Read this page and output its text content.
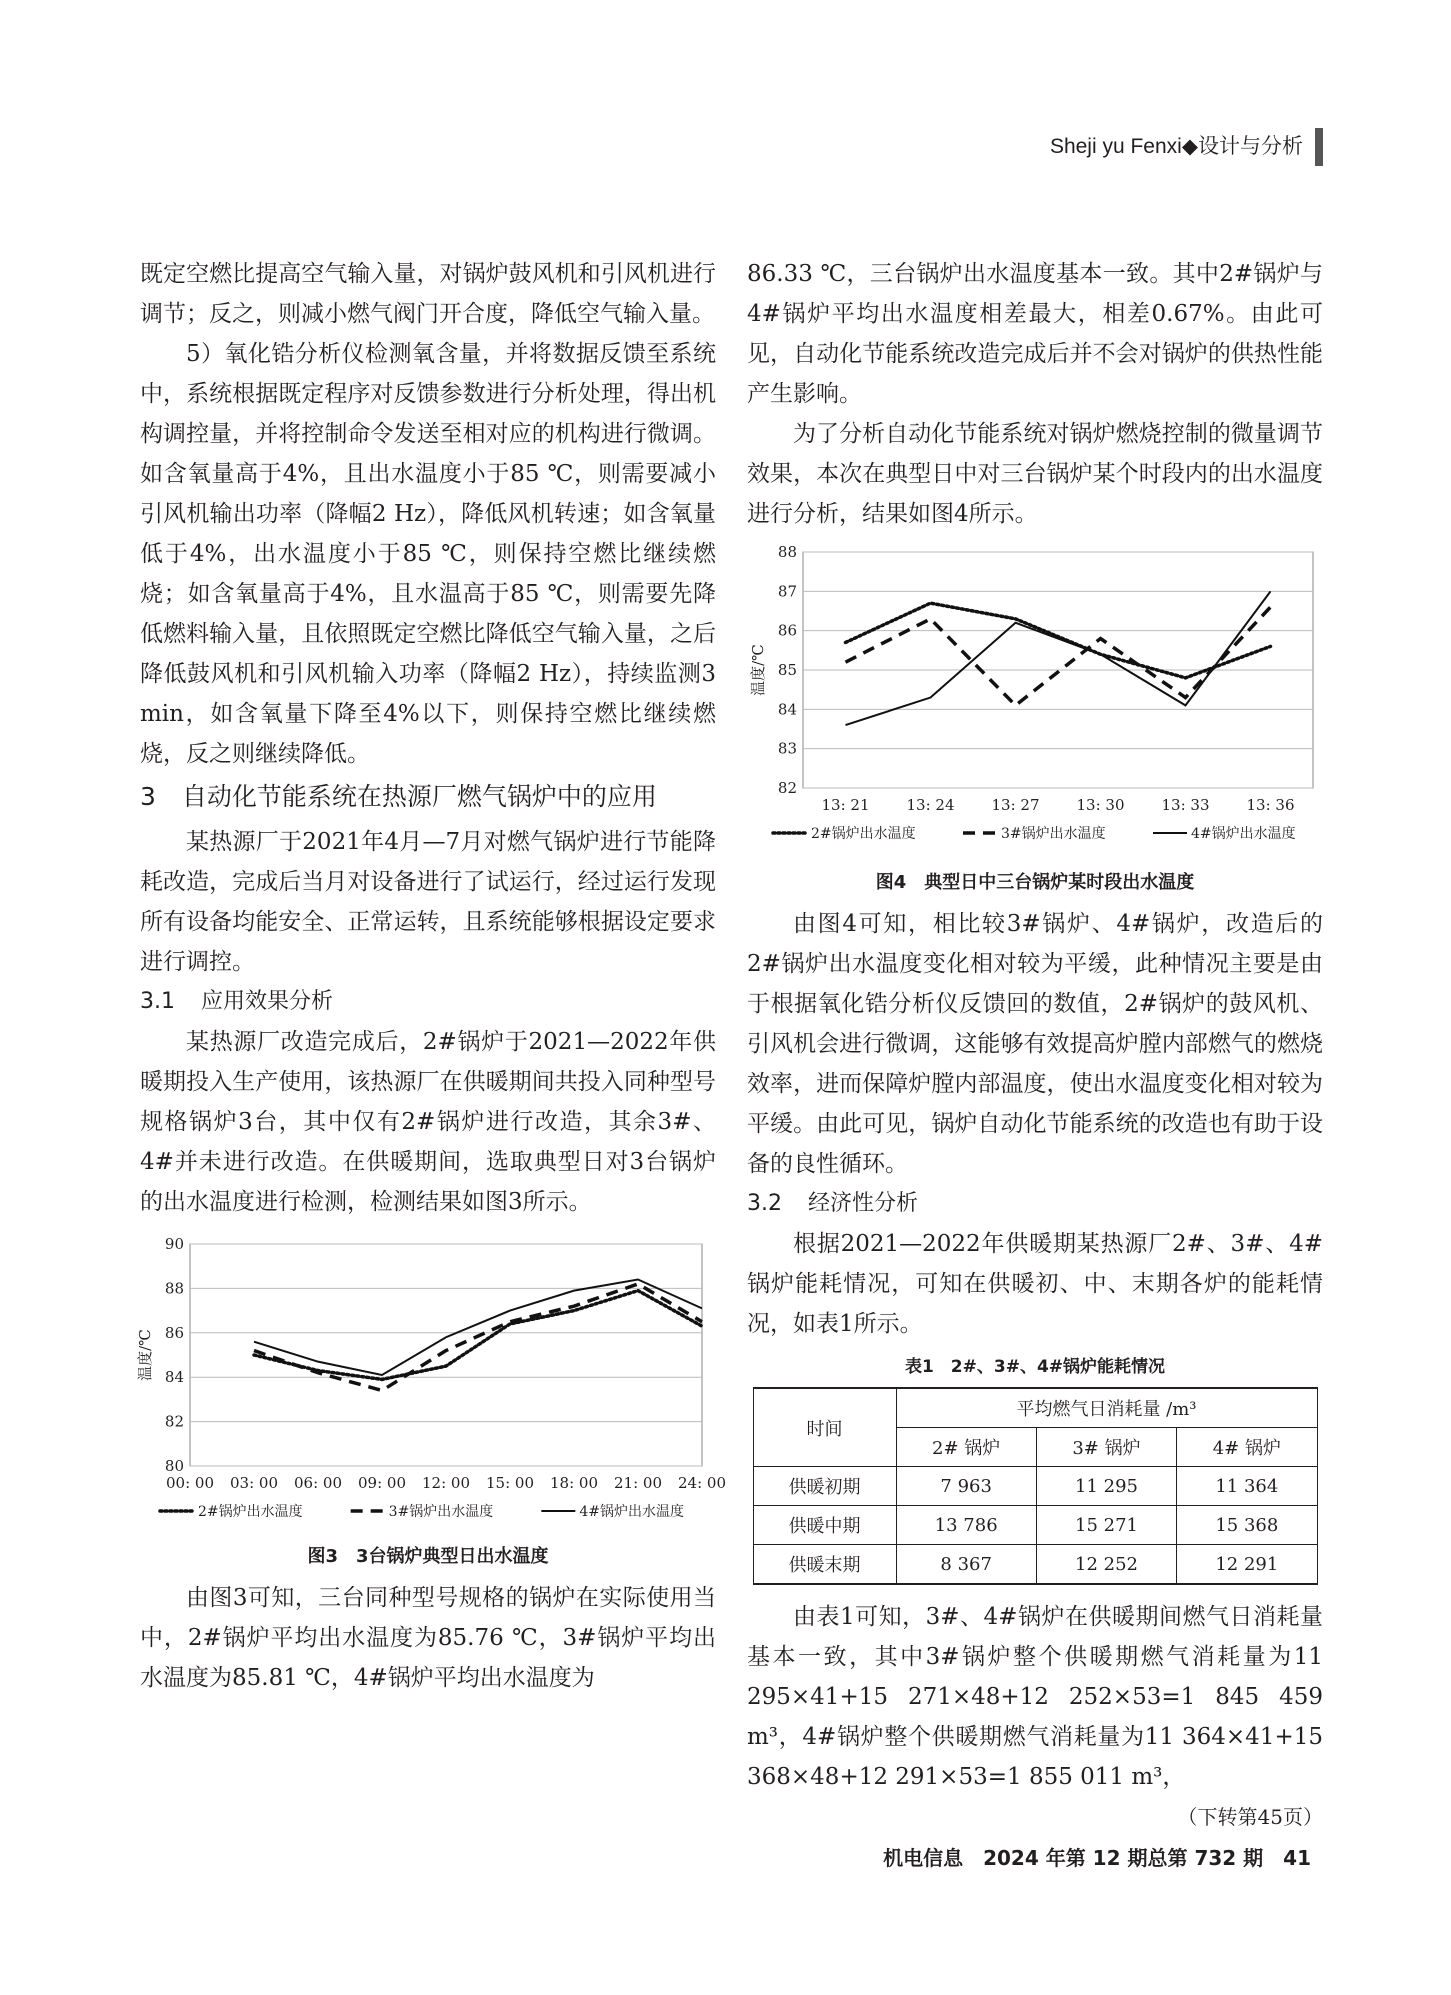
Sheji yu Fenxi◆设计与分析

既定空燃比提高空气输入量，对锅炉鼓风机和引风机进行调节；反之，则减小燃气阀门开合度，降低空气输入量。

5）氧化锆分析仪检测氧含量，并将数据反馈至系统中，系统根据既定程序对反馈参数进行分析处理，得出机构调控量，并将控制命令发送至相对应的机构进行微调。如含氧量高于4%，且出水温度小于85 ℃，则需要减小引风机输出功率（降幅2 Hz），降低风机转速；如含氧量低于4%，出水温度小于85 ℃，则保持空燃比继续燃烧；如含氧量高于4%，且水温高于85 ℃，则需要先降低燃料输入量，且依照既定空燃比降低空气输入量，之后降低鼓风机和引风机输入功率（降幅2 Hz），持续监测3 min，如含氧量下降至4%以下，则保持空燃比继续燃烧，反之则继续降低。

3 自动化节能系统在热源厂燃气锅炉中的应用

某热源厂于2021年4月—7月对燃气锅炉进行节能降耗改造，完成后当月对设备进行了试运行，经过运行发现所有设备均能安全、正常运转，且系统能够根据设定要求进行调控。

3.1 应用效果分析

某热源厂改造完成后，2#锅炉于2021—2022年供暖期投入生产使用，该热源厂在供暖期间共投入同种型号规格锅炉3台，其中仅有2#锅炉进行改造，其余3#、4#并未进行改造。在供暖期间，选取典型日对3台锅炉的出水温度进行检测，检测结果如图3所示。

80
82
84
86
88
90
温度/℃
00: 00 03: 00 06: 00 09: 00 12: 00 15: 00 18: 00 21: 00 24: 00
2#锅炉出水温度	3#锅炉出水温度	4#锅炉出水温度
图3　3台锅炉典型日出水温度

由图3可知，三台同种型号规格的锅炉在实际使用当中，2#锅炉平均出水温度为85.76 ℃，3#锅炉平均出水温度为85.81 ℃，4#锅炉平均出水温度为

86.33 ℃，三台锅炉出水温度基本一致。其中2#锅炉与4#锅炉平均出水温度相差最大，相差0.67%。由此可见，自动化节能系统改造完成后并不会对锅炉的供热性能产生影响。

为了分析自动化节能系统对锅炉燃烧控制的微量调节效果，本次在典型日中对三台锅炉某个时段内的出水温度进行分析，结果如图4所示。

82
83
84
85
86
87
88
温度/℃
13: 21 13: 24 13: 27 13: 30 13: 33 13: 36
2#锅炉出水温度	3#锅炉出水温度	4#锅炉出水温度
图4　典型日中三台锅炉某时段出水温度

由图4可知，相比较3#锅炉、4#锅炉，改造后的2#锅炉出水温度变化相对较为平缓，此种情况主要是由于根据氧化锆分析仪反馈回的数值，2#锅炉的鼓风机、引风机会进行微调，这能够有效提高炉膛内部燃气的燃烧效率，进而保障炉膛内部温度，使出水温度变化相对较为平缓。由此可见，锅炉自动化节能系统的改造也有助于设备的良性循环。

3.2 经济性分析

根据2021—2022年供暖期某热源厂2#、3#、4#锅炉能耗情况，可知在供暖初、中、末期各炉的能耗情况，如表1所示。

表1　2#、3#、4#锅炉能耗情况
时间	平均燃气日消耗量 /m³		
	2# 锅炉	3# 锅炉	4# 锅炉
供暖初期	7 963	11 295	11 364
供暖中期	13 786	15 271	15 368
供暖末期	8 367	12 252	12 291

由表1可知，3#、4#锅炉在供暖期间燃气日消耗量基本一致，其中3#锅炉整个供暖期燃气消耗量为11 295×41+15 271×48+12 252×53=1 845 459 m³，4#锅炉整个供暖期燃气消耗量为11 364×41+15 368×48+12 291×53=1 855 011 m³，
（下转第45页）

机电信息　2024 年第 12 期总第 732 期　 41
